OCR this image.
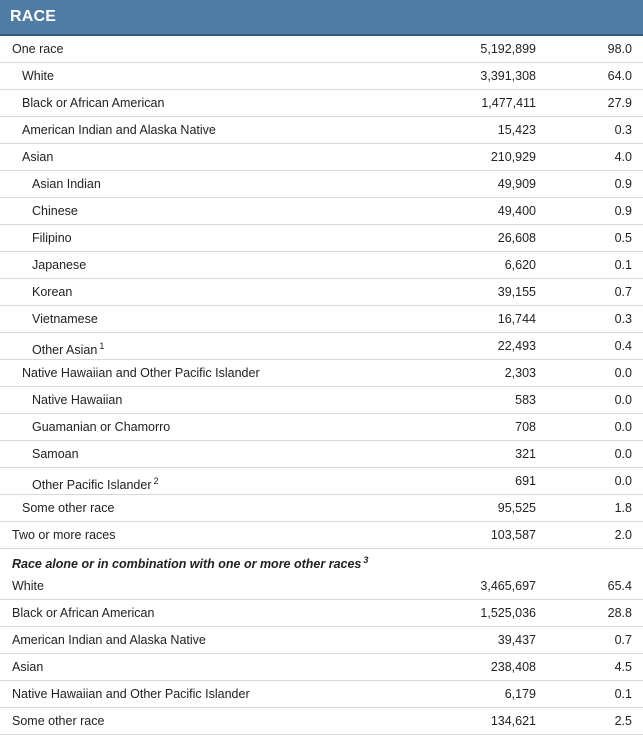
RACE
One race	5,192,899	98.0
White	3,391,308	64.0
Black or African American	1,477,411	27.9
American Indian and Alaska Native	15,423	0.3
Asian	210,929	4.0
Asian Indian	49,909	0.9
Chinese	49,400	0.9
Filipino	26,608	0.5
Japanese	6,620	0.1
Korean	39,155	0.7
Vietnamese	16,744	0.3
Other Asian $^1$	22,493	0.4
Native Hawaiian and Other Pacific Islander	2,303	0.0
Native Hawaiian	583	0.0
Guamanian or Chamorro	708	0.0
Samoan	321	0.0
Other Pacific Islander $^2$	691	0.0
Some other race	95,525	1.8
Two or more races	103,587	2.0
Race alone or in combination with one or more other races $^3$
White	3,465,697	65.4
Black or African American	1,525,036	28.8
American Indian and Alaska Native	39,437	0.7
Asian	238,408	4.5
Native Hawaiian and Other Pacific Islander	6,179	0.1
Some other race	134,621	2.5
